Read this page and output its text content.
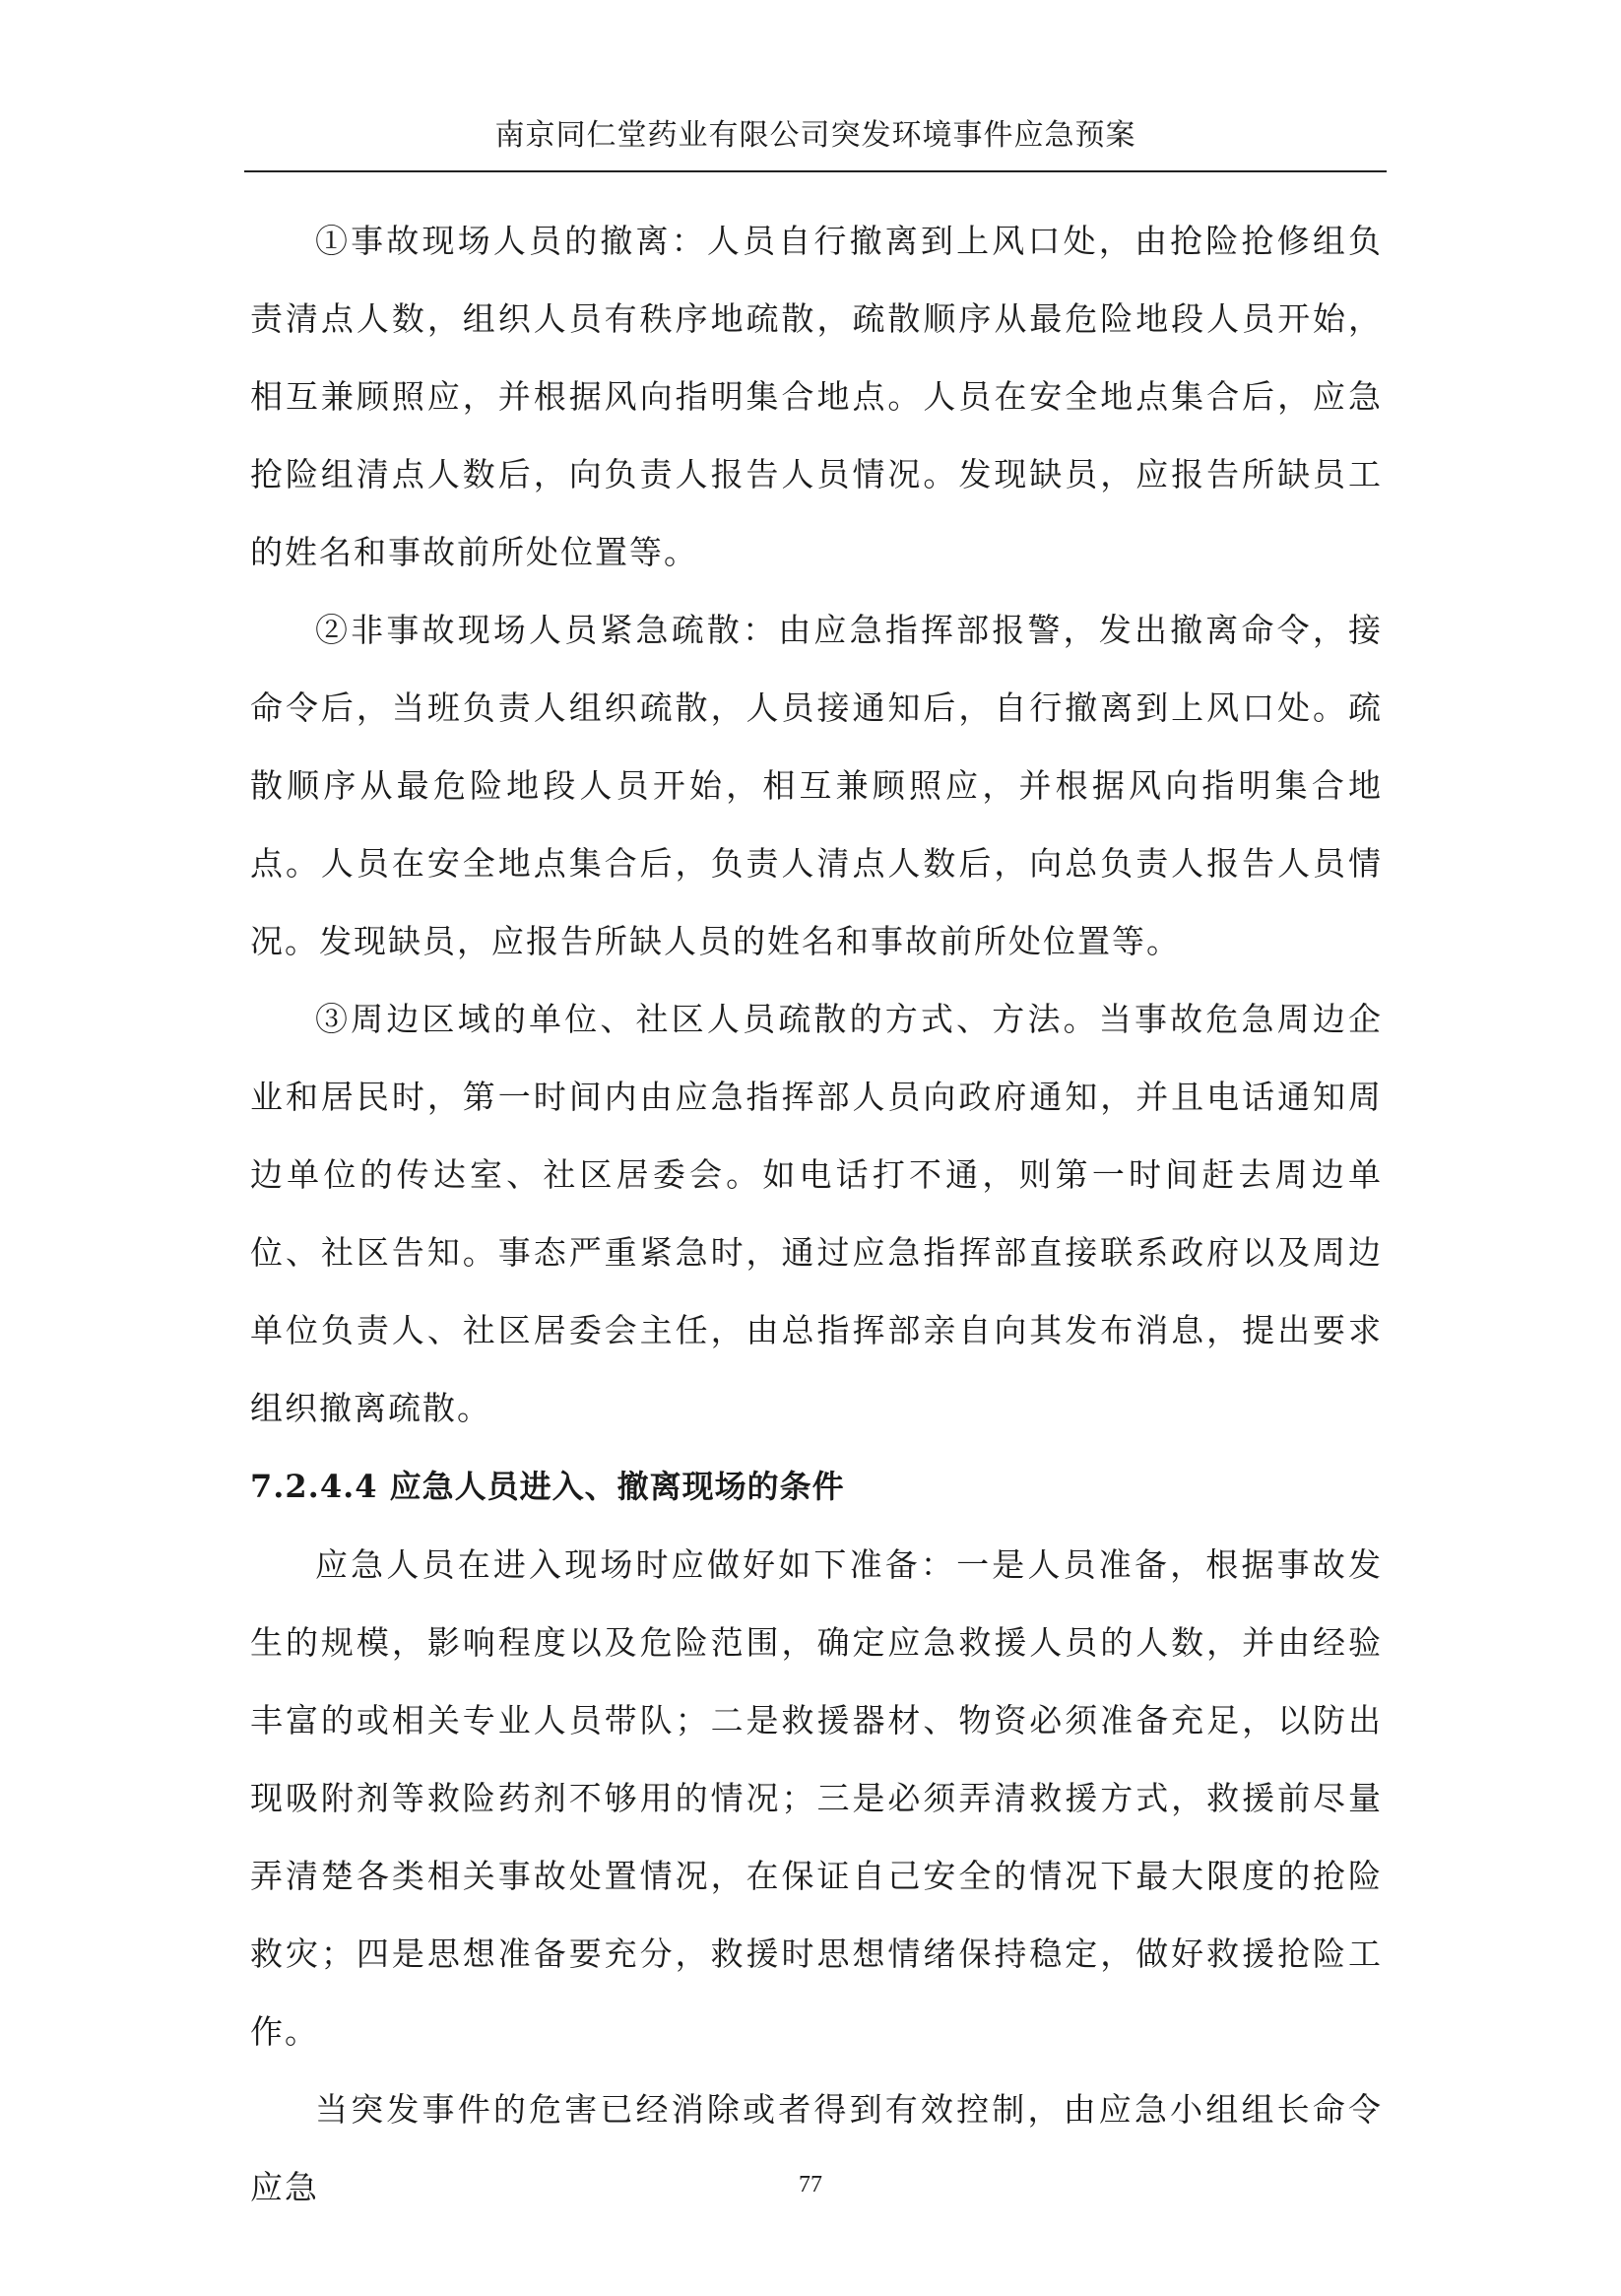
南京同仁堂药业有限公司突发环境事件应急预案

①事故现场人员的撤离：人员自行撤离到上风口处，由抢险抢修组负责清点人数，组织人员有秩序地疏散，疏散顺序从最危险地段人员开始，相互兼顾照应，并根据风向指明集合地点。人员在安全地点集合后，应急抢险组清点人数后，向负责人报告人员情况。发现缺员，应报告所缺员工的姓名和事故前所处位置等。

②非事故现场人员紧急疏散：由应急指挥部报警，发出撤离命令，接命令后，当班负责人组织疏散，人员接通知后，自行撤离到上风口处。疏散顺序从最危险地段人员开始，相互兼顾照应，并根据风向指明集合地点。人员在安全地点集合后，负责人清点人数后，向总负责人报告人员情况。发现缺员，应报告所缺人员的姓名和事故前所处位置等。

③周边区域的单位、社区人员疏散的方式、方法。当事故危急周边企业和居民时，第一时间内由应急指挥部人员向政府通知，并且电话通知周边单位的传达室、社区居委会。如电话打不通，则第一时间赶去周边单位、社区告知。事态严重紧急时，通过应急指挥部直接联系政府以及周边单位负责人、社区居委会主任，由总指挥部亲自向其发布消息，提出要求组织撤离疏散。

7.2.4.4 应急人员进入、撤离现场的条件

应急人员在进入现场时应做好如下准备：一是人员准备，根据事故发生的规模，影响程度以及危险范围，确定应急救援人员的人数，并由经验丰富的或相关专业人员带队；二是救援器材、物资必须准备充足，以防出现吸附剂等救险药剂不够用的情况；三是必须弄清救援方式，救援前尽量弄清楚各类相关事故处置情况，在保证自己安全的情况下最大限度的抢险救灾；四是思想准备要充分，救援时思想情绪保持稳定，做好救援抢险工作。

当突发事件的危害已经消除或者得到有效控制，由应急小组组长命令应急	77
